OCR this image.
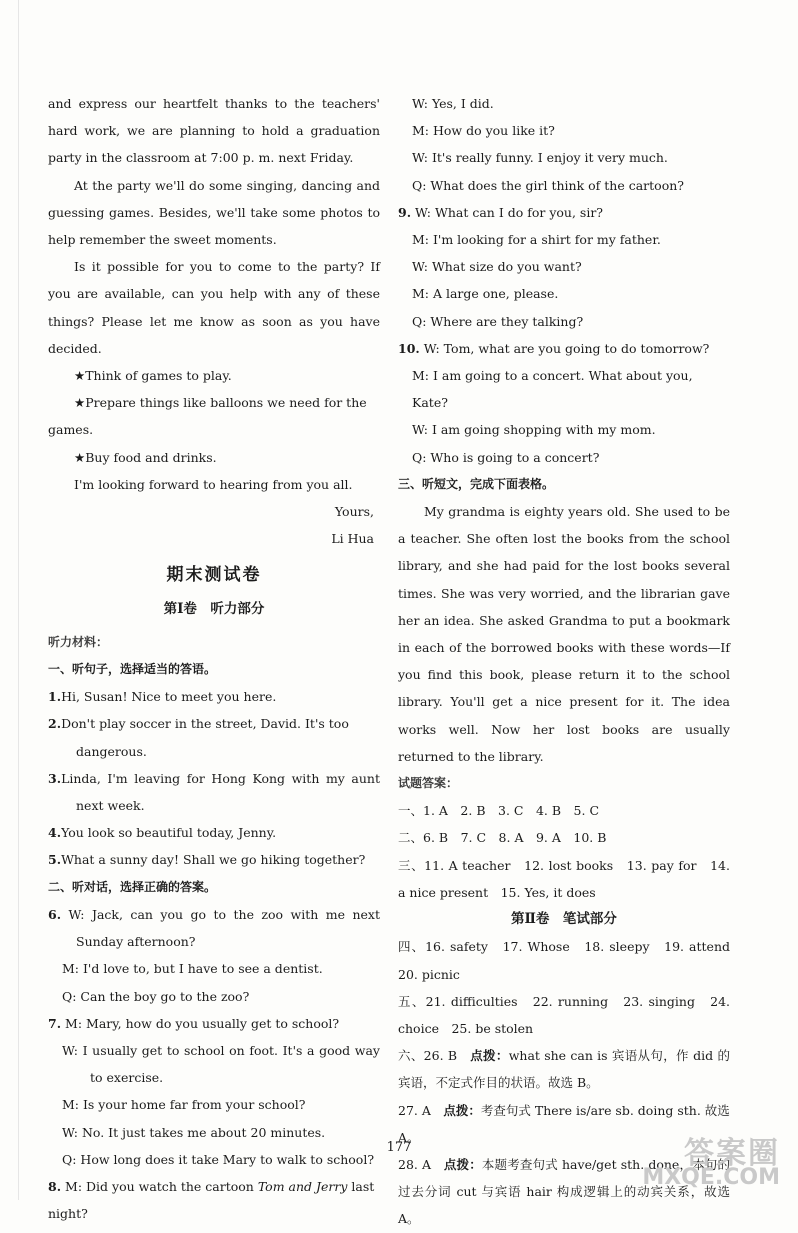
and express our heartfelt thanks to the teachers' hard work, we are planning to hold a graduation party in the classroom at 7:00 p. m. next Friday.

At the party we'll do some singing, dancing and guessing games. Besides, we'll take some photos to help remember the sweet moments.

Is it possible for you to come to the party? If you are available, can you help with any of these things? Please let me know as soon as you have decided.

★Think of games to play.

★Prepare things like balloons we need for the games.

★Buy food and drinks.

I'm looking forward to hearing from you all.

Yours,

Li Hua

期末测试卷
第Ⅰ卷　听力部分

听力材料：

一、听句子，选择适当的答语。

1.Hi, Susan! Nice to meet you here.

2.Don't play soccer in the street, David. It's too dangerous.

3.Linda, I'm leaving for Hong Kong with my aunt next week.

4.You look so beautiful today, Jenny.

5.What a sunny day! Shall we go hiking together?

二、听对话，选择正确的答案。

6. W: Jack, can you go to the zoo with me next Sunday afternoon?

M: I'd love to, but I have to see a dentist.

Q: Can the boy go to the zoo?

7. M: Mary, how do you usually get to school?

W: I usually get to school on foot. It's a good way to exercise.

M: Is your home far from your school?

W: No. It just takes me about 20 minutes.

Q: How long does it take Mary to walk to school?

8. M: Did you watch the cartoon Tom and Jerry last night?

W: Yes, I did.

M: How do you like it?

W: It's really funny. I enjoy it very much.

Q: What does the girl think of the cartoon?

9. W: What can I do for you, sir?

M: I'm looking for a shirt for my father.

W: What size do you want?

M: A large one, please.

Q: Where are they talking?

10. W: Tom, what are you going to do tomorrow?

M: I am going to a concert. What about you, Kate?

W: I am going shopping with my mom.

Q: Who is going to a concert?

三、听短文，完成下面表格。

My grandma is eighty years old. She used to be a teacher. She often lost the books from the school library, and she had paid for the lost books several times. She was very worried, and the librarian gave her an idea. She asked Grandma to put a bookmark in each of the borrowed books with these words—If you find this book, please return it to the school library. You'll get a nice present for it. The idea works well. Now her lost books are usually returned to the library.

试题答案：

一、1. A　2. B　3. C　4. B　5. C

二、6. B　7. C　8. A　9. A　10. B

三、11. A teacher　12. lost books　13. pay for　14. a nice present　15. Yes, it does

第Ⅱ卷　笔试部分

四、16. safety　17. Whose　18. sleepy　19. attend　20. picnic

五、21. difficulties　22. running　23. singing　24. choice　25. be stolen

六、26. B　点拨：what she can is 宾语从句，作 did 的宾语，不定式作目的状语。故选 B。

27. A　点拨：考查句式 There is/are sb. doing sth. 故选 A。

28. A　点拨：本题考查句式 have/get sth. done，本句的过去分词 cut 与宾语 hair 构成逻辑上的动宾关系，故选 A。

177	答案圈
MXQE.COM
